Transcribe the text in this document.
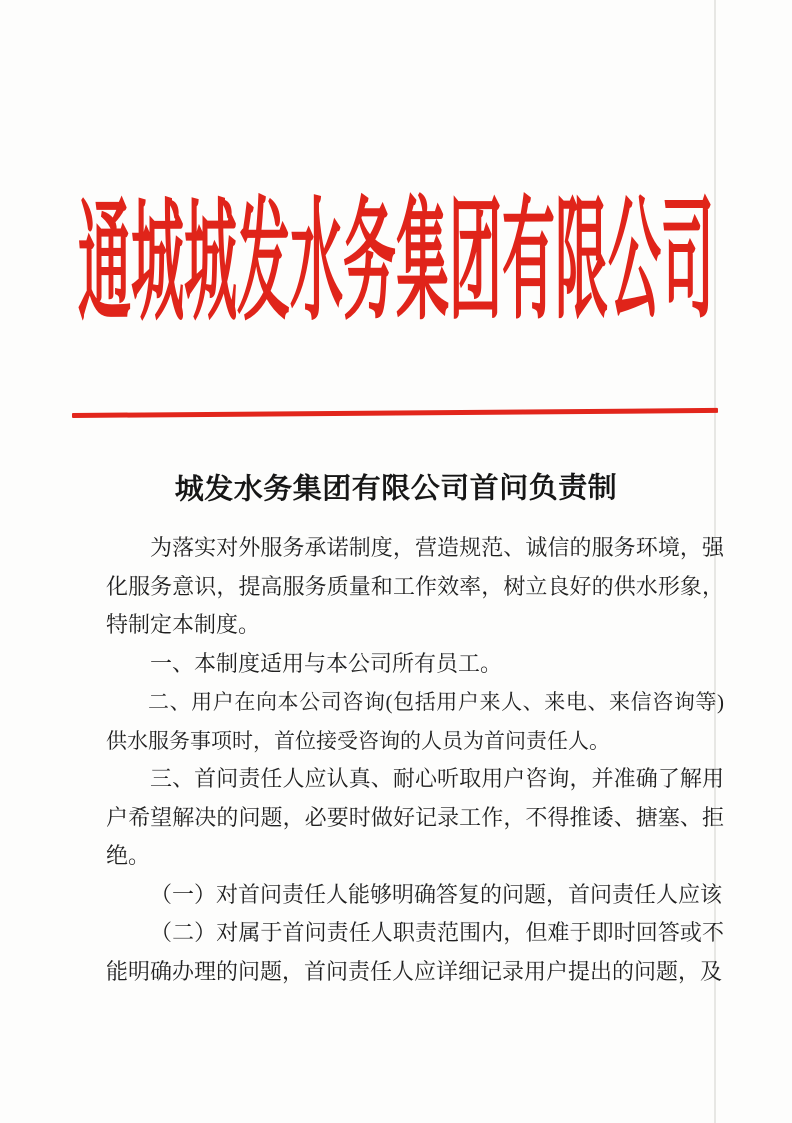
通城城发水务集团有限公司
城发水务集团有限公司首问负责制

为落实对外服务承诺制度，营造规范、诚信的服务环境，强化服务意识，提高服务质量和工作效率，树立良好的供水形象，特制定本制度。

一、本制度适用与本公司所有员工。

二、用户在向本公司咨询(包括用户来人、来电、来信咨询等)供水服务事项时，首位接受咨询的人员为首问责任人。

三、首问责任人应认真、耐心听取用户咨询，并准确了解用户希望解决的问题，必要时做好记录工作，不得推诿、搪塞、拒绝。

（一）对首问责任人能够明确答复的问题，首问责任人应该

（二）对属于首问责任人职责范围内，但难于即时回答或不能明确办理的问题，首问责任人应详细记录用户提出的问题，及
